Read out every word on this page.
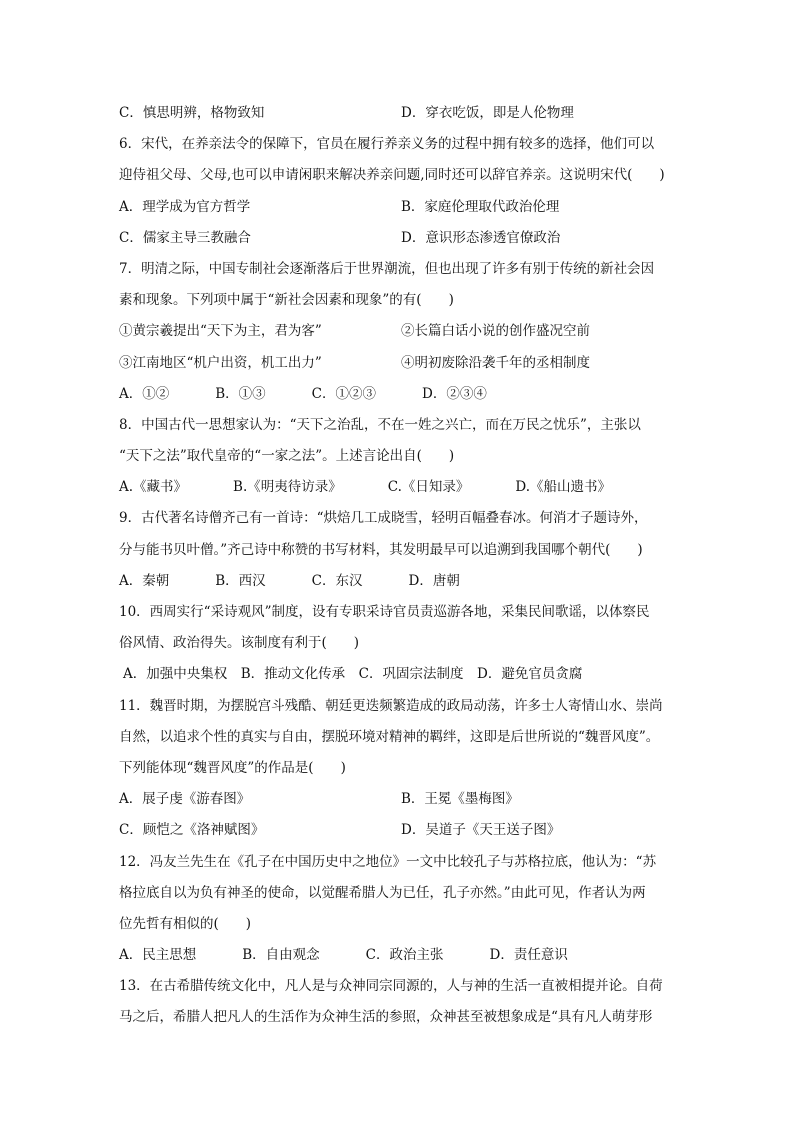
C．慎思明辨，格物致知	D．穿衣吃饭，即是人伦物理
6．宋代，在养亲法令的保障下，官员在履行养亲义务的过程中拥有较多的选择，他们可以
迎侍祖父母、父母,也可以申请闲职来解决养亲问题,同时还可以辞官养亲。这说明宋代(　　)
A．理学成为官方哲学	B．家庭伦理取代政治伦理
C．儒家主导三教融合	D．意识形态渗透官僚政治
7．明清之际，中国专制社会逐渐落后于世界潮流，但也出现了许多有别于传统的新社会因
素和现象。下列项中属于“新社会因素和现象”的有(　　)
①黄宗羲提出“天下为主，君为客”	②长篇白话小说的创作盛况空前
③江南地区“机户出资，机工出力”	④明初废除沿袭千年的丞相制度
A．①②	B．①③	C．①②③	D．②③④
8．中国古代一思想家认为：“天下之治乱，不在一姓之兴亡，而在万民之忧乐”，主张以
“天下之法”取代皇帝的“一家之法”。上述言论出自(　　)
A.《藏书》	B.《明夷待访录》	C.《日知录》	D.《船山遗书》
9．古代著名诗僧齐己有一首诗：“烘焙几工成晓雪，轻明百幅叠春冰。何消才子题诗外，
分与能书贝叶僧。”齐己诗中称赞的书写材料，其发明最早可以追溯到我国哪个朝代(　　)
A．秦朝	B．西汉	C．东汉	D．唐朝
10．西周实行“采诗观风”制度，设有专职采诗官员责巡游各地，采集民间歌谣，以体察民
俗风情、政治得失。该制度有利于(　　)
A．加强中央集权　B．推动文化传承　C．巩固宗法制度　D．避免官员贪腐
11．魏晋时期，为摆脱宫斗残酷、朝廷更迭频繁造成的政局动荡，许多士人寄情山水、崇尚
自然，以追求个性的真实与自由，摆脱环境对精神的羁绊，这即是后世所说的“魏晋风度”。
下列能体现“魏晋风度”的作品是(　　)
A．展子虔《游春图》	B．王冕《墨梅图》
C．顾恺之《洛神赋图》	D．吴道子《天王送子图》
12．冯友兰先生在《孔子在中国历史中之地位》一文中比较孔子与苏格拉底，他认为：“苏
格拉底自以为负有神圣的使命，以觉醒希腊人为已任，孔子亦然。”由此可见，作者认为两
位先哲有相似的(　　)
A．民主思想	B．自由观念	C．政治主张	D．责任意识
13．在古希腊传统文化中，凡人是与众神同宗同源的，人与神的生活一直被相提并论。自荷
马之后，希腊人把凡人的生活作为众神生活的参照，众神甚至被想象成是“具有凡人萌芽形
